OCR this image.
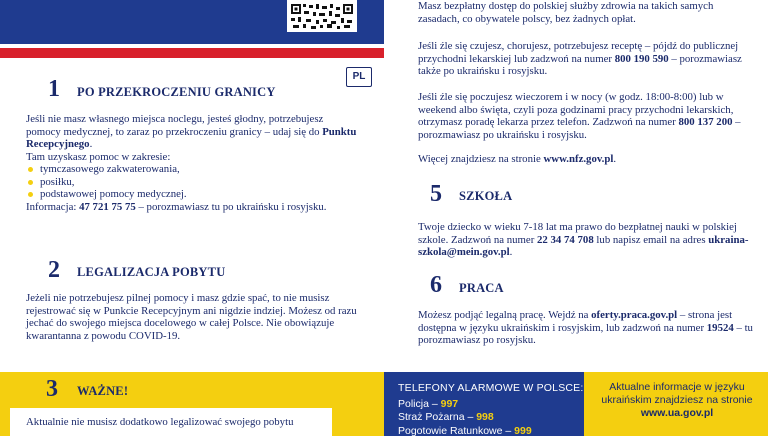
PL
1 PO PRZEKROCZENIU GRANICY
Jeśli nie masz własnego miejsca noclegu, jesteś głodny, potrzebujesz pomocy medycznej, to zaraz po przekroczeniu granicy – udaj się do Punktu Recepcyjnego.
Tam uzyskasz pomoc w zakresie:
tymczasowego zakwaterowania,
posiłku,
podstawowej pomocy medycznej.
Informacja: 47 721 75 75 – porozmawiasz tu po ukraińsku i rosyjsku.
2 LEGALIZACJA POBYTU
Jeżeli nie potrzebujesz pilnej pomocy i masz gdzie spać, to nie musisz rejestrować się w Punkcie Recepcyjnym ani nigdzie indziej. Możesz od razu jechać do swojego miejsca docelowego w całej Polsce. Nie obowiązuje kwarantanna z powodu COVID-19.
Masz bezpłatny dostęp do polskiej służby zdrowia na takich samych zasadach, co obywatele polscy, bez żadnych opłat.
Jeśli źle się czujesz, chorujesz, potrzebujesz receptę – pójdź do publicznej przychodni lekarskiej lub zadzwoń na numer 800 190 590 – porozmawiasz także po ukraińsku i rosyjsku.
Jeśli źle się poczujesz wieczorem i w nocy (w godz. 18:00-8:00) lub w weekend albo święta, czyli poza godzinami pracy przychodni lekarskich, otrzymasz poradę lekarza przez telefon. Zadzwoń na numer 800 137 200 – porozmawiasz po ukraińsku i rosyjsku.
Więcej znajdziesz na stronie www.nfz.gov.pl.
5 SZKOŁA
Twoje dziecko w wieku 7-18 lat ma prawo do bezpłatnej nauki w polskiej szkole. Zadzwoń na numer 22 34 74 708 lub napisz email na adres ukraina-szkola@mein.gov.pl.
6 PRACA
Możesz podjąć legalną pracę. Wejdź na oferty.praca.gov.pl – strona jest dostępna w języku ukraińskim i rosyjskim, lub zadzwoń na numer 19524 – tu porozmawiasz po rosyjsku.
3 WAŻNE!
Aktualnie nie musisz dodatkowo legalizować swojego pobytu
TELEFONY ALARMOWE W POLSCE:
Policja – 997
Straż Pożarna – 998
Pogotowie Ratunkowe – 999
Aktualne informacje w języku ukraińskim znajdziesz na stronie
www.ua.gov.pl
